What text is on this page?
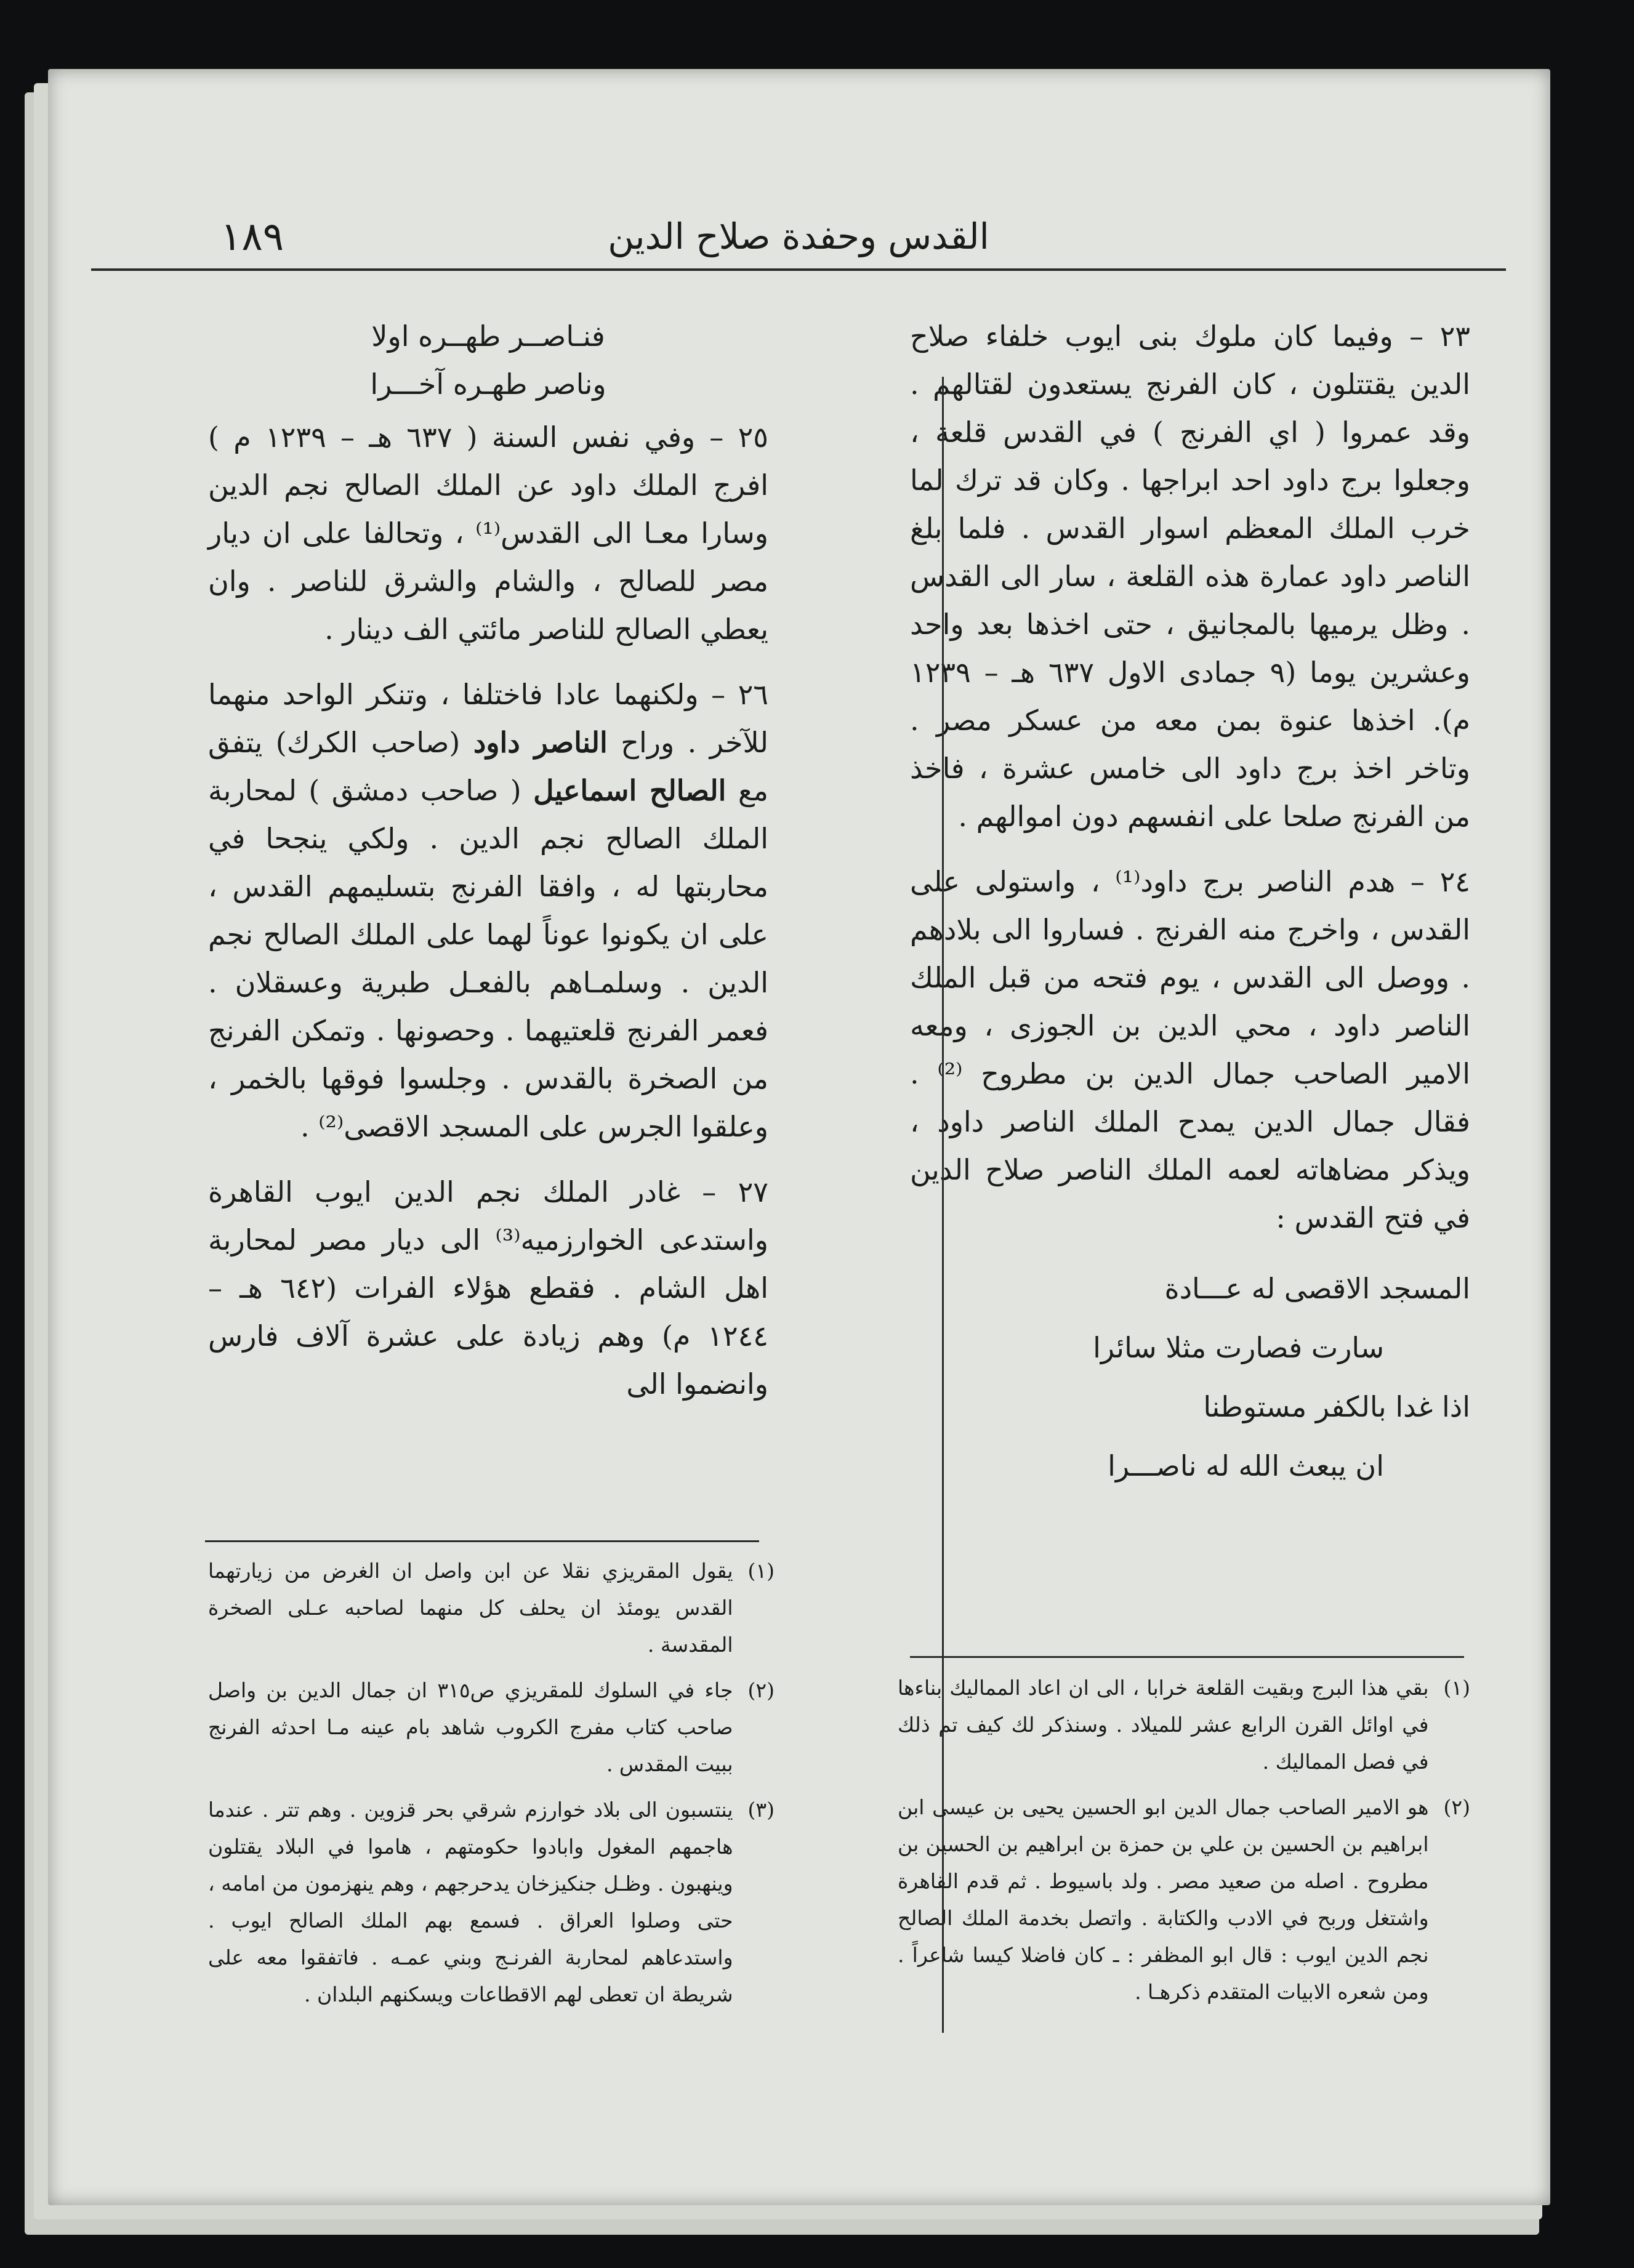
القدس وحفدة صلاح الدين
١٨٩

٢٣ – وفيما كان ملوك بنى ايوب خلفاء صلاح الدين يقتتلون ، كان الفرنج يستعدون لقتالهم . وقد عمروا ( اي الفرنج ) في القدس قلعة ، وجعلوا برج داود احد ابراجها . وكان قد ترك لما خرب الملك المعظم اسوار القدس . فلما بلغ الناصر داود عمارة هذه القلعة ، سار الى القدس . وظل يرميها بالمجانيق ، حتى اخذها بعد واحد وعشرين يوما (٩ جمادى الاول ٦٣٧ هـ – ١٢٣٩ م). اخذها عنوة بمن معه من عسكر مصر . وتاخر اخذ برج داود الى خامس عشرة ، فاخذ من الفرنج صلحا على انفسهم دون اموالهم .

٢٤ – هدم الناصر برج داود⁽¹⁾ ، واستولى على القدس ، واخرج منه الفرنج . فساروا الى بلادهم . ووصل الى القدس ، يوم فتحه من قبل الملك الناصر داود ، محي الدين بن الجوزى ، ومعه الامير الصاحب جمال الدين بن مطروح ⁽²⁾ . فقال جمال الدين يمدح الملك الناصر داود ، ويذكر مضاهاته لعمه الملك الناصر صلاح الدين في فتح القدس :

المسجد الاقصى له عـــادة
سارت فصارت مثلا سائرا
اذا غدا بالكفر مستوطنا
ان يبعث الله له ناصـــرا
فنـاصــر طهــره اولا
وناصر طهـره آخـــرا

٢٥ – وفي نفس السنة ( ٦٣٧ هـ – ١٢٣٩ م ) افرج الملك داود عن الملك الصالح نجم الدين وسارا معـا الى القدس⁽¹⁾ ، وتحالفا على ان ديار مصر للصالح ، والشام والشرق للناصر . وان يعطي الصالح للناصر مائتي الف دينار .

٢٦ – ولكنهما عادا فاختلفا ، وتنكر الواحد منهما للآخر . وراح الناصر داود (صاحب الكرك) يتفق مع الصالح اسماعيل ( صاحب دمشق ) لمحاربة الملك الصالح نجم الدين . ولكي ينجحا في محاربتها له ، وافقا الفرنج بتسليمهم القدس ، على ان يكونوا عوناً لهما على الملك الصالح نجم الدين . وسلمـاهم بالفعـل طبرية وعسقلان . فعمر الفرنج قلعتيهما . وحصونها . وتمكن الفرنج من الصخرة بالقدس . وجلسوا فوقها بالخمر ، وعلقوا الجرس على المسجد الاقصى⁽²⁾ .

٢٧ – غادر الملك نجم الدين ايوب القاهرة واستدعى الخوارزميه⁽³⁾ الى ديار مصر لمحاربة اهل الشام . فقطع هؤلاء الفرات (٦٤٢ هـ – ١٢٤٤ م) وهم زيادة على عشرة آلاف فارس وانضموا الى

(١)
بقي هذا البرج وبقيت القلعة خرابا ، الى ان اعاد المماليك بناءها في اوائل القرن الرابع عشر للميلاد . وسنذكر لك كيف تم ذلك في فصل المماليك .
(٢)
هو الامير الصاحب جمال الدين ابو الحسين يحيى بن عيسى ابن ابراهيم بن الحسين بن علي بن حمزة بن ابراهيم بن الحسين بن مطروح . اصله من صعيد مصر . ولد باسيوط . ثم قدم القاهرة واشتغل وربح في الادب والكتابة . واتصل بخدمة الملك الصالح نجم الدين ايوب : قال ابو المظفر : ـ كان فاضلا كيسا شاعراً . ومن شعره الابيات المتقدم ذكرهـا .
(١)
يقول المقريزي نقلا عن ابن واصل ان الغرض من زيارتهما القدس يومئذ ان يحلف كل منهما لصاحبه عـلى الصخرة المقدسة .
(٢)
جاء في السلوك للمقريزي ص٣١٥ ان جمال الدين بن واصل صاحب كتاب مفرج الكروب شاهد بام عينه مـا احدثه الفرنج ببيت المقدس .
(٣)
ينتسبون الى بلاد خوارزم شرقي بحر قزوين . وهم تتر . عندما هاجمهم المغول وابادوا حكومتهم ، هاموا في البلاد يقتلون وينهبون . وظـل جنكيزخان يدحرجهم ، وهم ينهزمون من امامه ، حتى وصلوا العراق . فسمع بهم الملك الصالح ايوب . واستدعاهم لمحاربة الفرنـج وبني عمـه . فاتفقوا معه على شريطة ان تعطى لهم الاقطاعات ويسكنهم البلدان .
